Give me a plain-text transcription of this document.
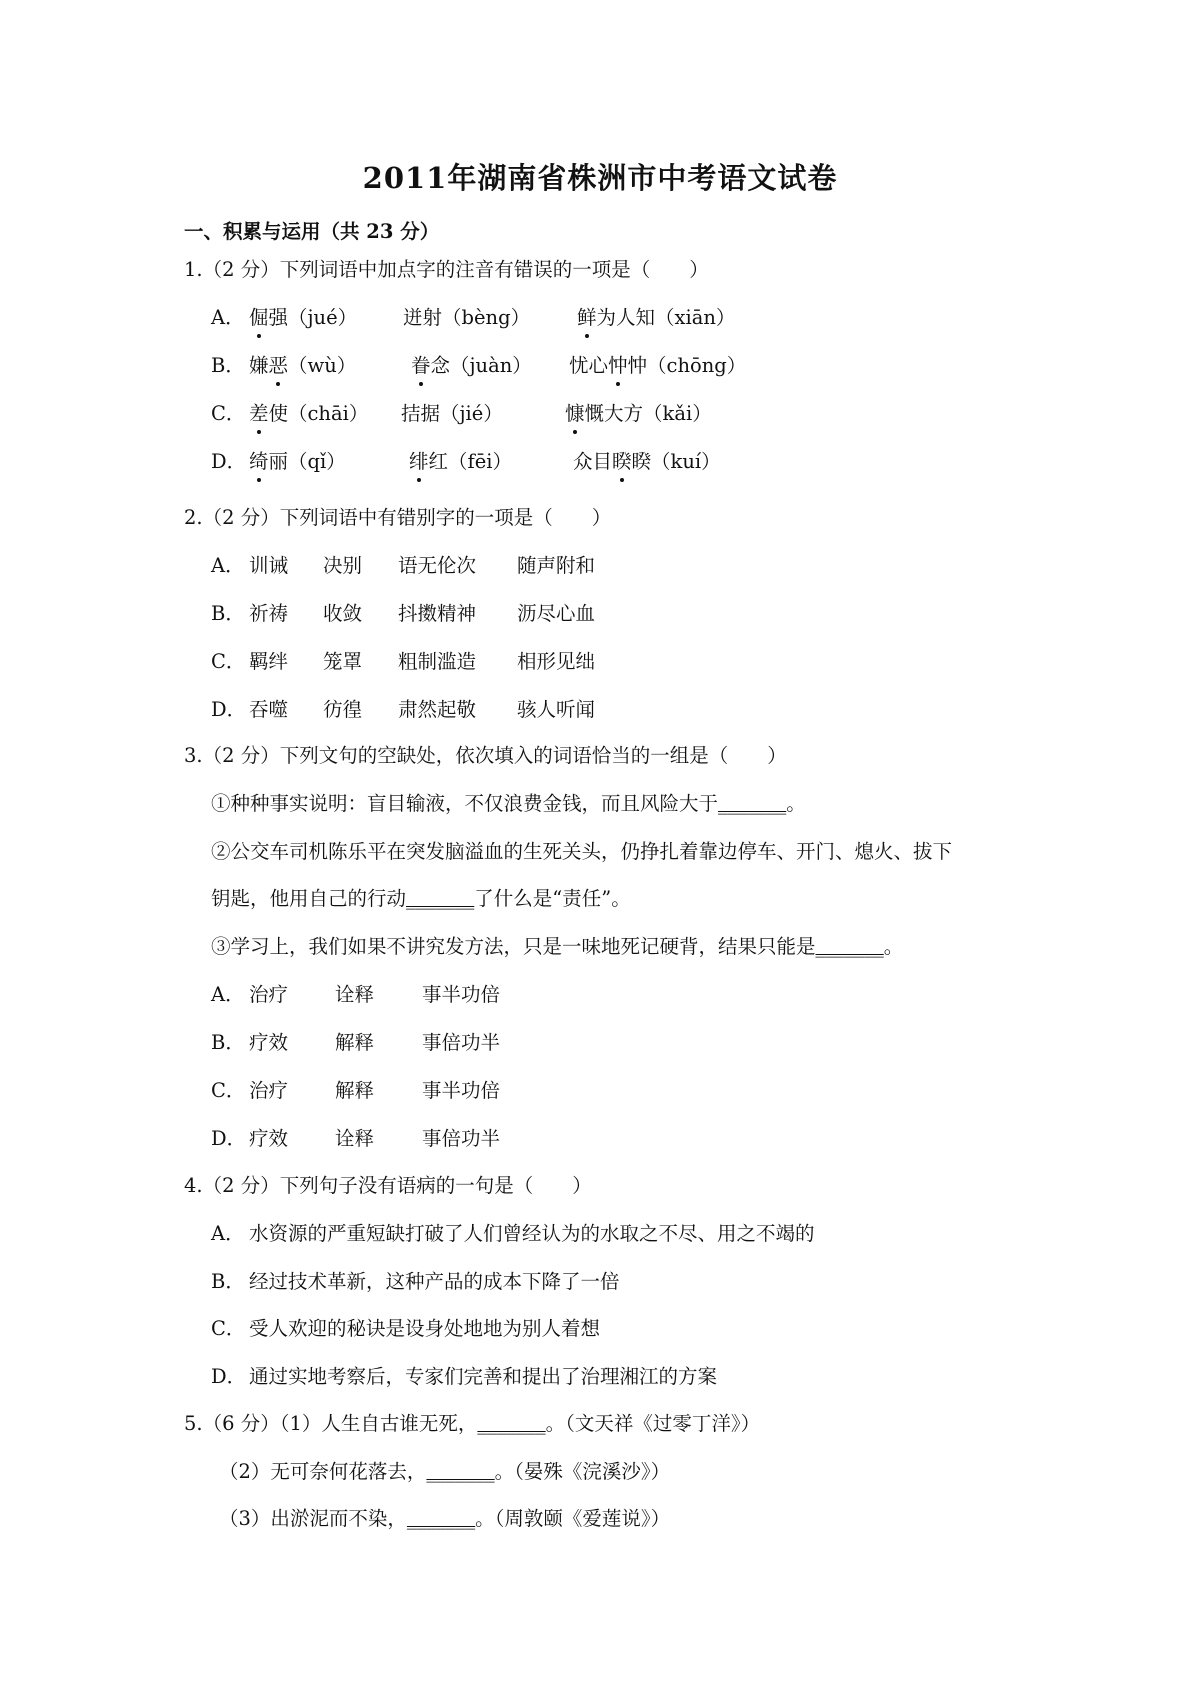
2011年湖南省株洲市中考语文试卷
一、积累与运用（共 23 分）
1.（2 分）下列词语中加点字的注音有错误的一项是（　　）
A． 倔强（jué） 迸射（bèng） 鲜为人知（xiān）
B． 嫌恶（wù）	眷念（juàn） 忧心忡忡（chōng）
C． 差使（chāi） 拮据（jié）	慷慨大方（kǎi）
D． 绮丽（qǐ）	绯红（fēi）	众目睽睽（kuí）
2.（2 分）下列词语中有错别字的一项是（　　）
A． 训诫 决别 语无伦次 随声附和
B． 祈祷 收敛 抖擞精神 沥尽心血
C． 羁绊 笼罩 粗制滥造 相形见绌
D． 吞噬 彷徨 肃然起敬 骇人听闻
3.（2 分）下列文句的空缺处，依次填入的词语恰当的一组是（　　）
①种种事实说明：盲目输液，不仅浪费金钱，而且风险大于_______。
②公交车司机陈乐平在突发脑溢血的生死关头，仍挣扎着靠边停车、开门、熄火、拔下
钥匙，他用自己的行动_______了什么是“责任”。
③学习上，我们如果不讲究发方法，只是一味地死记硬背，结果只能是_______。
A． 治疗 诠释 事半功倍
B． 疗效 解释 事倍功半
C． 治疗 解释 事半功倍
D． 疗效 诠释 事倍功半
4.（2 分）下列句子没有语病的一句是（　　）
A． 水资源的严重短缺打破了人们曾经认为的水取之不尽、用之不竭的
B． 经过技术革新，这种产品的成本下降了一倍
C． 受人欢迎的秘诀是设身处地地为别人着想
D． 通过实地考察后，专家们完善和提出了治理湘江的方案
5.（6 分）（1）人生自古谁无死，_______。（文天祥《过零丁洋》）
（2）无可奈何花落去，_______。（晏殊《浣溪沙》）
（3）出淤泥而不染，_______。（周敦颐《爱莲说》）
